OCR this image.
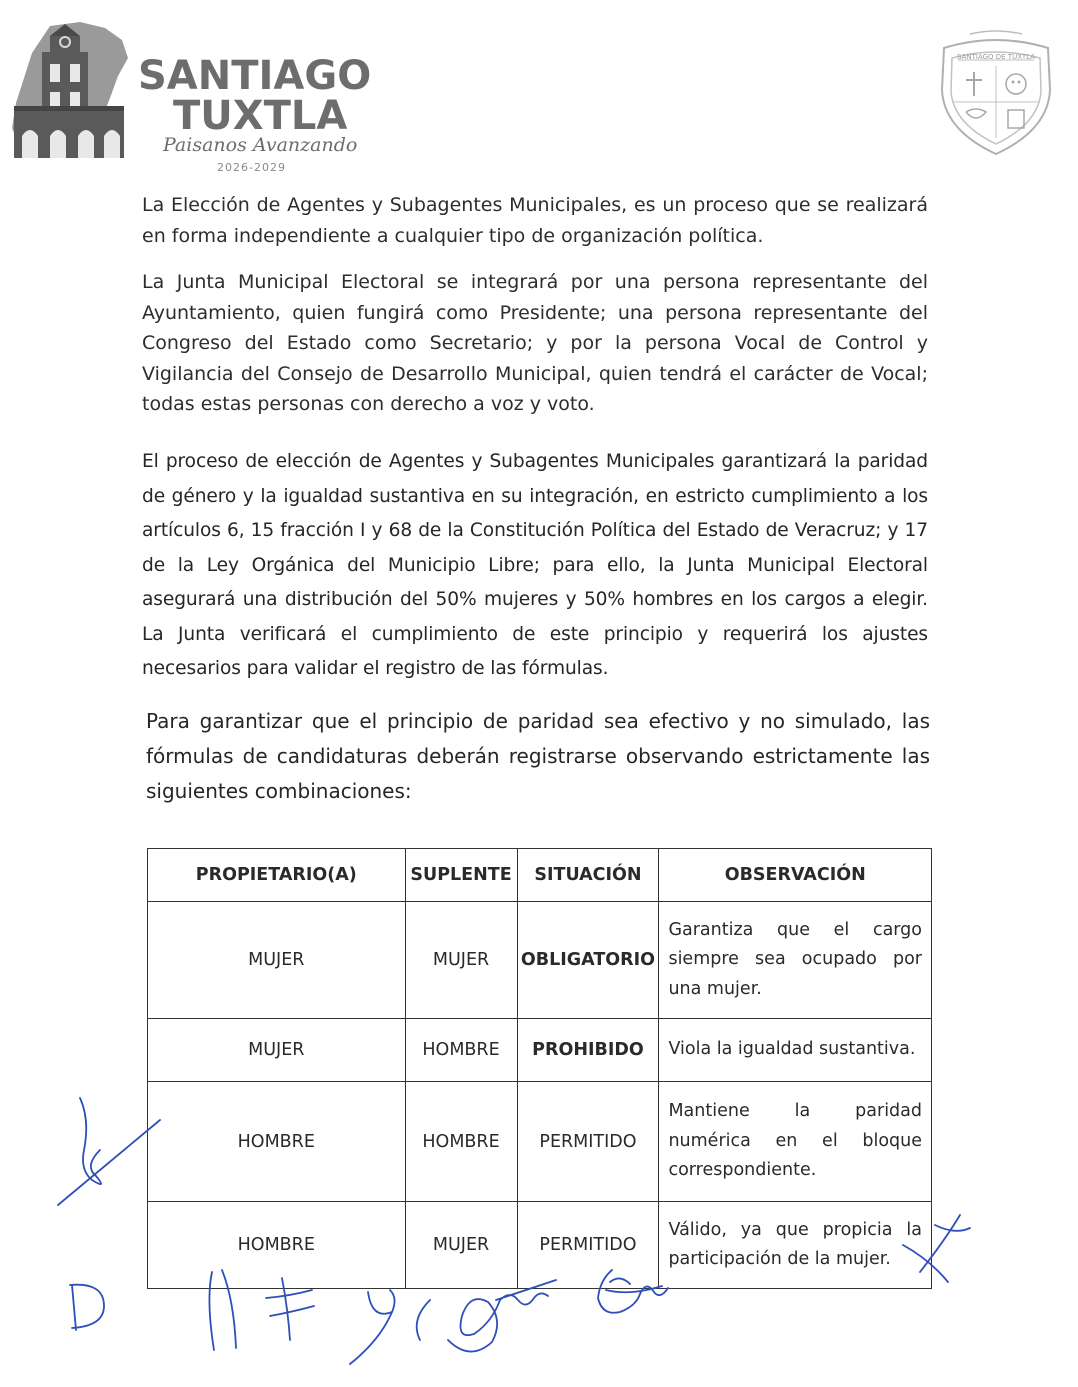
SANTIAGO
TUXTLA
Paisanos Avanzando
2026-2029
SANTIAGO DE TUXTLA

La Elección de Agentes y Subagentes Municipales, es un proceso que se realizará en forma independiente a cualquier tipo de organización política.

La Junta Municipal Electoral se integrará por una persona representante del Ayuntamiento, quien fungirá como Presidente; una persona representante del Congreso del Estado como Secretario; y por la persona Vocal de Control y Vigilancia del Consejo de Desarrollo Municipal, quien tendrá el carácter de Vocal; todas estas personas con derecho a voz y voto.

El proceso de elección de Agentes y Subagentes Municipales garantizará la paridad de género y la igualdad sustantiva en su integración, en estricto cumplimiento a los artículos 6, 15 fracción I y 68 de la Constitución Política del Estado de Veracruz; y 17 de la Ley Orgánica del Municipio Libre; para ello, la Junta Municipal Electoral asegurará una distribución del 50% mujeres y 50% hombres en los cargos a elegir. La Junta verificará el cumplimiento de este principio y requerirá los ajustes necesarios para validar el registro de las fórmulas.

Para garantizar que el principio de paridad sea efectivo y no simulado, las fórmulas de candidaturas deberán registrarse observando estrictamente las siguientes combinaciones:

PROPIETARIO(A)	SUPLENTE	SITUACIÓN	OBSERVACIÓN
MUJER	MUJER	OBLIGATORIO	Garantiza que el cargo siempre sea ocupado por una mujer.
MUJER	HOMBRE	PROHIBIDO	Viola la igualdad sustantiva.
HOMBRE	HOMBRE	PERMITIDO	Mantiene la paridad numérica en el bloque correspondiente.
HOMBRE	MUJER	PERMITIDO	Válido, ya que propicia la participación de la mujer.
